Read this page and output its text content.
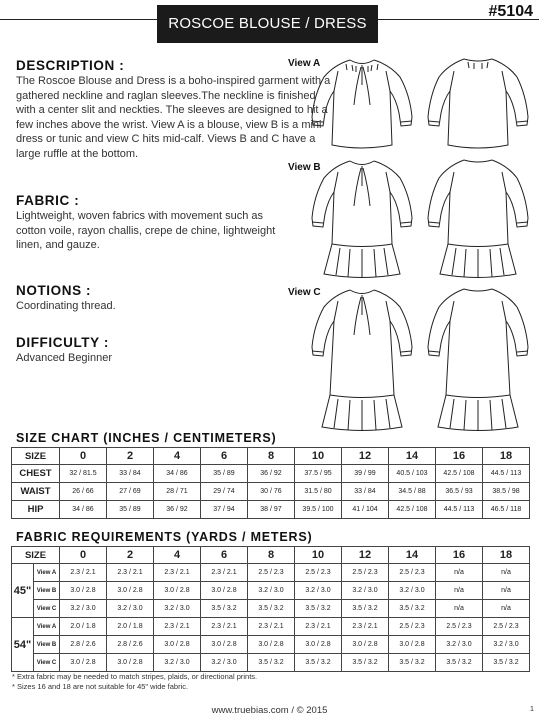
ROSCOE BLOUSE / DRESS
#5104

DESCRIPTION :

The Roscoe Blouse and Dress is a boho-inspired garment with a gathered neckline and raglan sleeves.The neckline is finished with a center slit and neckties. The sleeves are designed to hit a few inches above the wrist. View A is a blouse, view B is a mini dress or tunic and view C hits mid-calf. Views B and C have a large ruffle at the bottom.

FABRIC :

Lightweight, woven fabrics with movement such as cotton voile, rayon challis, crepe de chine, lightweight linen, and gauze.

NOTIONS :

Coordinating thread.

DIFFICULTY :

Advanced Beginner

View A
View B
View C
SIZE CHART (INCHES / CENTIMETERS)
SIZE	0	2	4	6	8	10	12	14	16	18
CHEST	32 / 81.5	33 / 84	34 / 86	35 / 89	36 / 92	37.5 / 95	39 / 99	40.5 / 103	42.5 / 108	44.5 / 113
WAIST	26 / 66	27 / 69	28 / 71	29 / 74	30 / 76	31.5 / 80	33 / 84	34.5 / 88	36.5 / 93	38.5 / 98
HIP	34 / 86	35 / 89	36 / 92	37 / 94	38 / 97	39.5 / 100	41 / 104	42.5 / 108	44.5 / 113	46.5 / 118
FABRIC REQUIREMENTS (YARDS / METERS)
SIZE		0	2	4	6	8	10	12	14	16	18
45"	View A	2.3 / 2.1	2.3 / 2.1	2.3 / 2.1	2.3 / 2.1	2.5 / 2.3	2.5 / 2.3	2.5 / 2.3	2.5 / 2.3	n/a	n/a
	View B	3.0 / 2.8	3.0 / 2.8	3.0 / 2.8	3.0 / 2.8	3.2 / 3.0	3.2 / 3.0	3.2 / 3.0	3.2 / 3.0	n/a	n/a
	View C	3.2 / 3.0	3.2 / 3.0	3.2 / 3.0	3.5 / 3.2	3.5 / 3.2	3.5 / 3.2	3.5 / 3.2	3.5 / 3.2	n/a	n/a
54"	View A	2.0 / 1.8	2.0 / 1.8	2.3 / 2.1	2.3 / 2.1	2.3 / 2.1	2.3 / 2.1	2.3 / 2.1	2.5 / 2.3	2.5 / 2.3	2.5 / 2.3
	View B	2.8 / 2.6	2.8 / 2.6	3.0 / 2.8	3.0 / 2.8	3.0 / 2.8	3.0 / 2.8	3.0 / 2.8	3.0 / 2.8	3.2 / 3.0	3.2 / 3.0
	View C	3.0 / 2.8	3.0 / 2.8	3.2 / 3.0	3.2 / 3.0	3.5 / 3.2	3.5 / 3.2	3.5 / 3.2	3.5 / 3.2	3.5 / 3.2	3.5 / 3.2
* Extra fabric may be needed to match stripes, plaids, or directional prints.
* Sizes 16 and 18 are not suitable for 45" wide fabric.
www.truebias.com / © 2015	1
